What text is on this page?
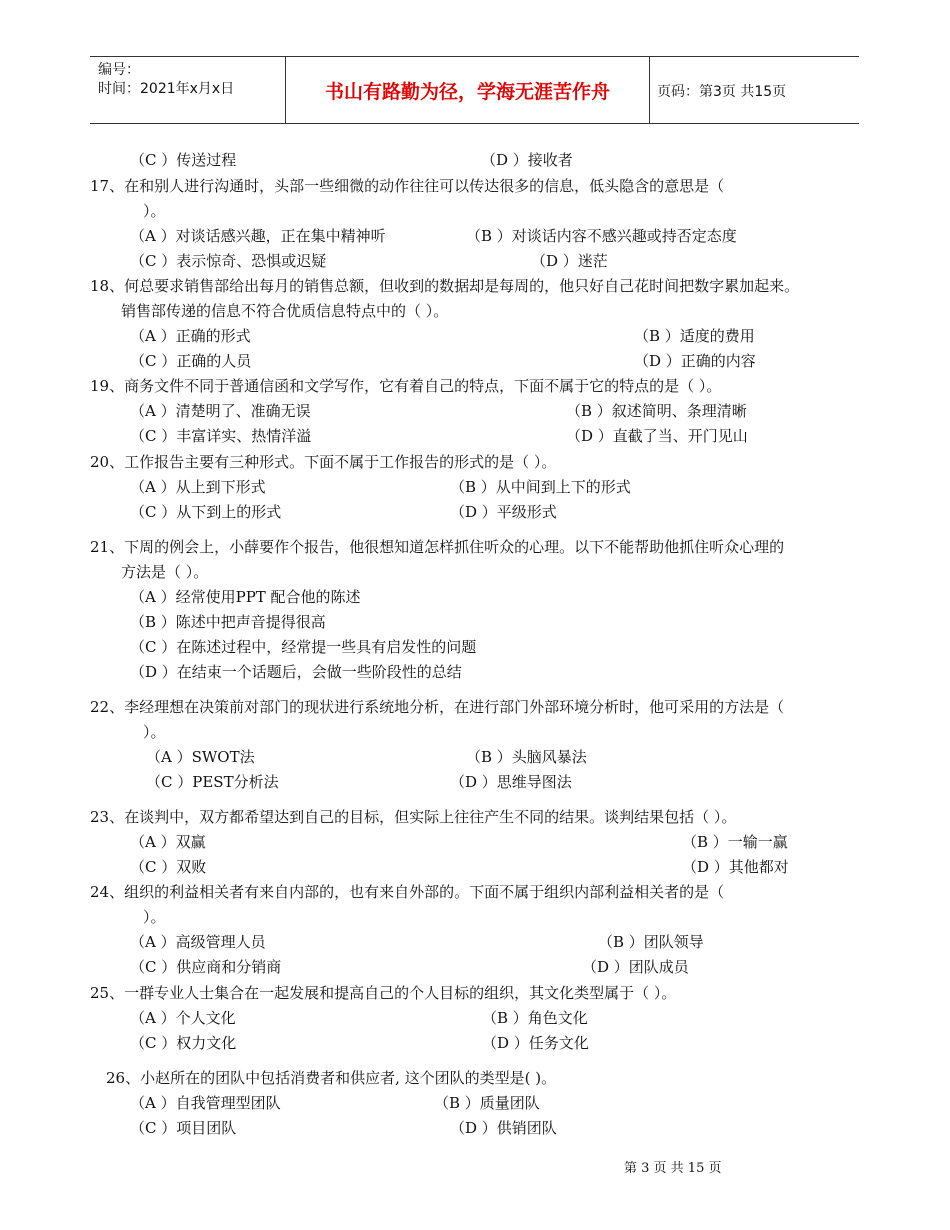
编号：
时间：2021年x月x日	书山有路勤为径，学海无涯苦作舟	页码：第3页 共15页
（C ）传送过程	（D ）接收者
17、在和别人进行沟通时，头部一些细微的动作往往可以传达很多的信息，低头隐含的意思是（
）。
（A ）对谈话感兴趣，正在集中精神听	（B ）对谈话内容不感兴趣或持否定态度
（C ）表示惊奇、恐惧或迟疑	（D ）迷茫
18、何总要求销售部给出每月的销售总额，但收到的数据却是每周的，他只好自己花时间把数字累加起来。
销售部传递的信息不符合优质信息特点中的（ ）。
（A ）正确的形式	（B ）适度的费用
（C ）正确的人员	（D ）正确的内容
19、商务文件不同于普通信函和文学写作，它有着自己的特点，下面不属于它的特点的是（ ）。
（A ）清楚明了、准确无误	（B ）叙述简明、条理清晰
（C ）丰富详实、热情洋溢	（D ）直截了当、开门见山
20、工作报告主要有三种形式。下面不属于工作报告的形式的是（ ）。
（A ）从上到下形式	（B ）从中间到上下的形式
（C ）从下到上的形式	（D ）平级形式
21、下周的例会上，小薛要作个报告，他很想知道怎样抓住听众的心理。以下不能帮助他抓住听众心理的
方法是（ ）。
（A ）经常使用PPT 配合他的陈述
（B ）陈述中把声音提得很高
（C ）在陈述过程中，经常提一些具有启发性的问题
（D ）在结束一个话题后，会做一些阶段性的总结
22、李经理想在决策前对部门的现状进行系统地分析，在进行部门外部环境分析时，他可采用的方法是（
）。
（A ）SWOT法	（B ）头脑风暴法
（C ）PEST分析法	（D ）思维导图法
23、在谈判中，双方都希望达到自己的目标，但实际上往往产生不同的结果。谈判结果包括（ ）。
（A ）双赢	（B ）一输一赢
（C ）双败	（D ）其他都对
24、组织的利益相关者有来自内部的，也有来自外部的。下面不属于组织内部利益相关者的是（
）。
（A ）高级管理人员	（B ）团队领导
（C ）供应商和分销商	（D ）团队成员
25、一群专业人士集合在一起发展和提高自己的个人目标的组织，其文化类型属于（ ）。
（A ）个人文化	（B ）角色文化
（C ）权力文化	（D ）任务文化
26、小赵所在的团队中包括消费者和供应者, 这个团队的类型是( )。
（A ）自我管理型团队	（B ）质量团队
（C ）项目团队	（D ）供销团队
第 3 页 共 15 页
